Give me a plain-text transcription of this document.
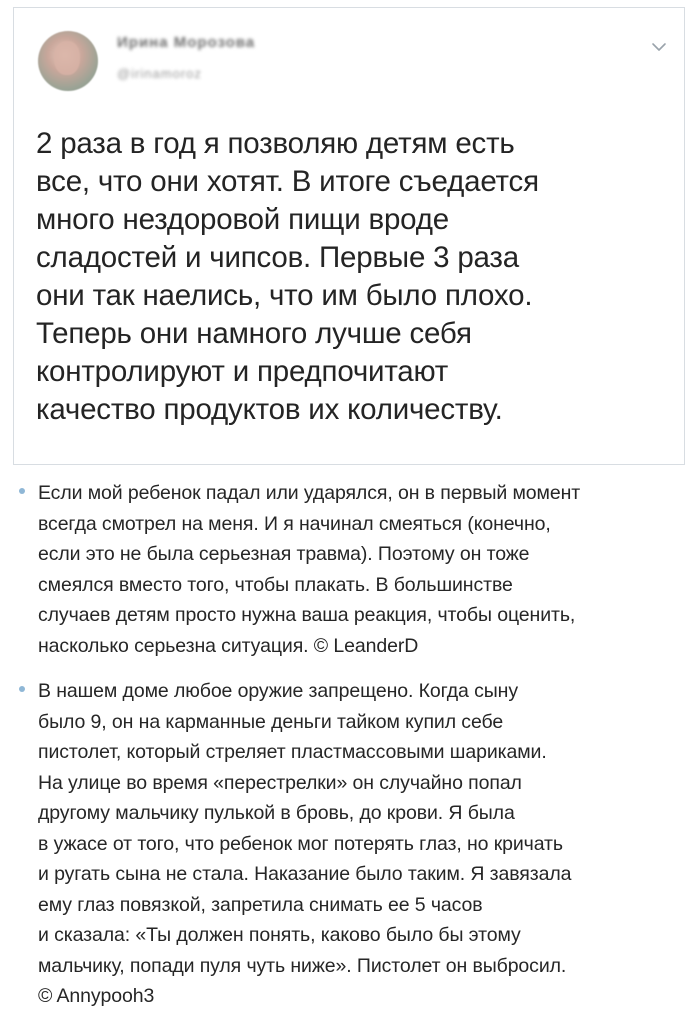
Ирина Морозова
@irinamoroz
2 раза в год я позволяю детям есть
все, что они хотят. В итоге съедается
много нездоровой пищи вроде
сладостей и чипсов. Первые 3 раза
они так наелись, что им было плохо.
Теперь они намного лучше себя
контролируют и предпочитают
качество продуктов их количеству.
Если мой ребенок падал или ударялся, он в первый момент
всегда смотрел на меня. И я начинал смеяться (конечно,
если это не была серьезная травма). Поэтому он тоже
смеялся вместо того, чтобы плакать. В большинстве
случаев детям просто нужна ваша реакция, чтобы оценить,
насколько серьезна ситуация. © LeanderD
В нашем доме любое оружие запрещено. Когда сыну
было 9, он на карманные деньги тайком купил себе
пистолет, который стреляет пластмассовыми шариками.
На улице во время «перестрелки» он случайно попал
другому мальчику пулькой в бровь, до крови. Я была
в ужасе от того, что ребенок мог потерять глаз, но кричать
и ругать сына не стала. Наказание было таким. Я завязала
ему глаз повязкой, запретила снимать ее 5 часов
и сказала: «Ты должен понять, каково было бы этому
мальчику, попади пуля чуть ниже». Пистолет он выбросил.
© Annypooh3
